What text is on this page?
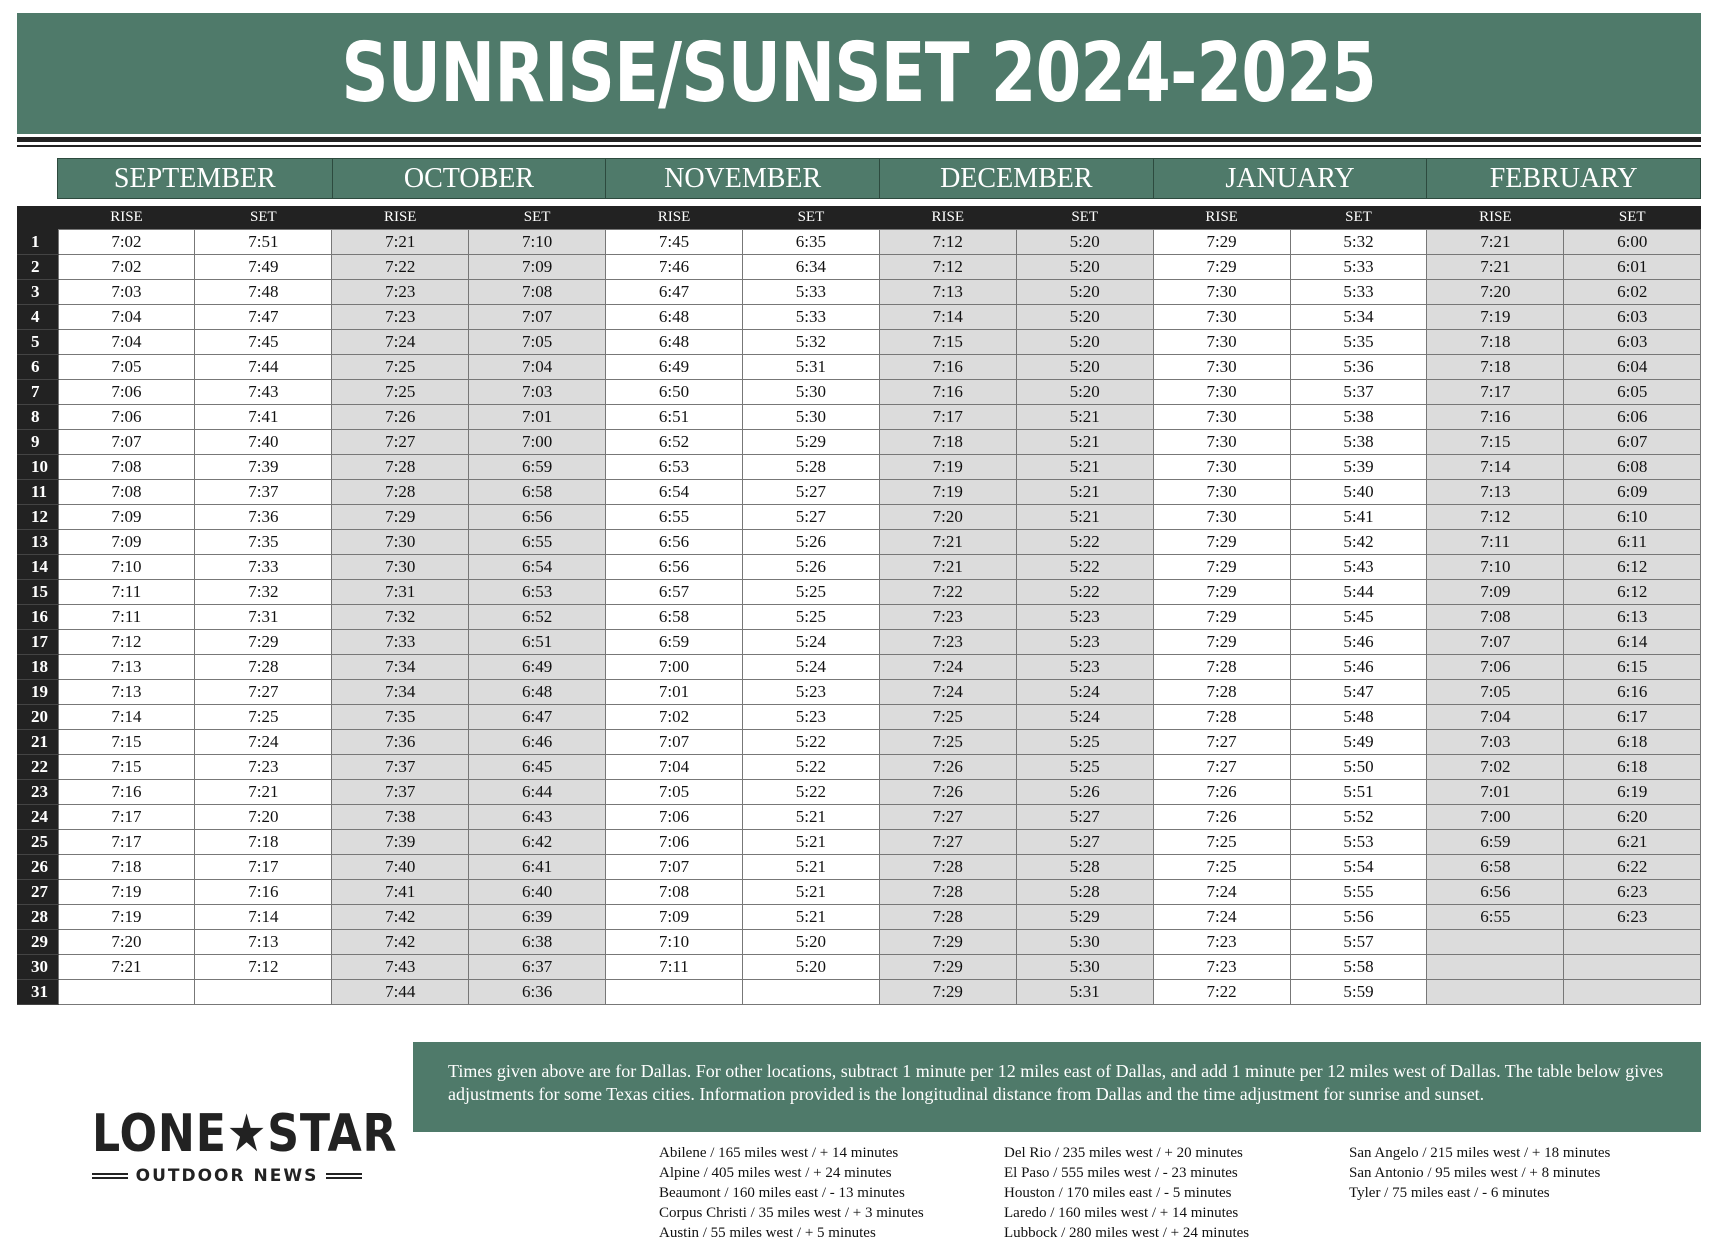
SUNRISE/SUNSET 2024-2025
SEPTEMBER	OCTOBER	NOVEMBER	DECEMBER	JANUARY	FEBRUARY
	RISE	SET	RISE	SET	RISE	SET	RISE	SET	RISE	SET	RISE	SET
1	7:02	7:51	7:21	7:10	7:45	6:35	7:12	5:20	7:29	5:32	7:21	6:00
2	7:02	7:49	7:22	7:09	7:46	6:34	7:12	5:20	7:29	5:33	7:21	6:01
3	7:03	7:48	7:23	7:08	6:47	5:33	7:13	5:20	7:30	5:33	7:20	6:02
4	7:04	7:47	7:23	7:07	6:48	5:33	7:14	5:20	7:30	5:34	7:19	6:03
5	7:04	7:45	7:24	7:05	6:48	5:32	7:15	5:20	7:30	5:35	7:18	6:03
6	7:05	7:44	7:25	7:04	6:49	5:31	7:16	5:20	7:30	5:36	7:18	6:04
7	7:06	7:43	7:25	7:03	6:50	5:30	7:16	5:20	7:30	5:37	7:17	6:05
8	7:06	7:41	7:26	7:01	6:51	5:30	7:17	5:21	7:30	5:38	7:16	6:06
9	7:07	7:40	7:27	7:00	6:52	5:29	7:18	5:21	7:30	5:38	7:15	6:07
10	7:08	7:39	7:28	6:59	6:53	5:28	7:19	5:21	7:30	5:39	7:14	6:08
11	7:08	7:37	7:28	6:58	6:54	5:27	7:19	5:21	7:30	5:40	7:13	6:09
12	7:09	7:36	7:29	6:56	6:55	5:27	7:20	5:21	7:30	5:41	7:12	6:10
13	7:09	7:35	7:30	6:55	6:56	5:26	7:21	5:22	7:29	5:42	7:11	6:11
14	7:10	7:33	7:30	6:54	6:56	5:26	7:21	5:22	7:29	5:43	7:10	6:12
15	7:11	7:32	7:31	6:53	6:57	5:25	7:22	5:22	7:29	5:44	7:09	6:12
16	7:11	7:31	7:32	6:52	6:58	5:25	7:23	5:23	7:29	5:45	7:08	6:13
17	7:12	7:29	7:33	6:51	6:59	5:24	7:23	5:23	7:29	5:46	7:07	6:14
18	7:13	7:28	7:34	6:49	7:00	5:24	7:24	5:23	7:28	5:46	7:06	6:15
19	7:13	7:27	7:34	6:48	7:01	5:23	7:24	5:24	7:28	5:47	7:05	6:16
20	7:14	7:25	7:35	6:47	7:02	5:23	7:25	5:24	7:28	5:48	7:04	6:17
21	7:15	7:24	7:36	6:46	7:07	5:22	7:25	5:25	7:27	5:49	7:03	6:18
22	7:15	7:23	7:37	6:45	7:04	5:22	7:26	5:25	7:27	5:50	7:02	6:18
23	7:16	7:21	7:37	6:44	7:05	5:22	7:26	5:26	7:26	5:51	7:01	6:19
24	7:17	7:20	7:38	6:43	7:06	5:21	7:27	5:27	7:26	5:52	7:00	6:20
25	7:17	7:18	7:39	6:42	7:06	5:21	7:27	5:27	7:25	5:53	6:59	6:21
26	7:18	7:17	7:40	6:41	7:07	5:21	7:28	5:28	7:25	5:54	6:58	6:22
27	7:19	7:16	7:41	6:40	7:08	5:21	7:28	5:28	7:24	5:55	6:56	6:23
28	7:19	7:14	7:42	6:39	7:09	5:21	7:28	5:29	7:24	5:56	6:55	6:23
29	7:20	7:13	7:42	6:38	7:10	5:20	7:29	5:30	7:23	5:57		
30	7:21	7:12	7:43	6:37	7:11	5:20	7:29	5:30	7:23	5:58		
31			7:44	6:36			7:29	5:31	7:22	5:59		
Times given above are for Dallas. For other locations, subtract 1 minute per 12 miles east of Dallas, and add 1 minute per 12 miles west of Dallas. The table below gives adjustments for some Texas cities. Information provided is the longitudinal distance from Dallas and the time adjustment for sunrise and sunset.
LONE★STAR
OUTDOOR NEWS
Abilene / 165 miles west / + 14 minutes
Alpine / 405 miles west / + 24 minutes
Beaumont / 160 miles east / - 13 minutes
Corpus Christi / 35 miles west / + 3 minutes
Austin / 55 miles west / + 5 minutes
Del Rio / 235 miles west / + 20 minutes
El Paso / 555 miles west / - 23 minutes
Houston / 170 miles east / - 5 minutes
Laredo / 160 miles west / + 14 minutes
Lubbock / 280 miles west / + 24 minutes
San Angelo / 215 miles west / + 18 minutes
San Antonio / 95 miles west / + 8 minutes
Tyler / 75 miles east / - 6 minutes
